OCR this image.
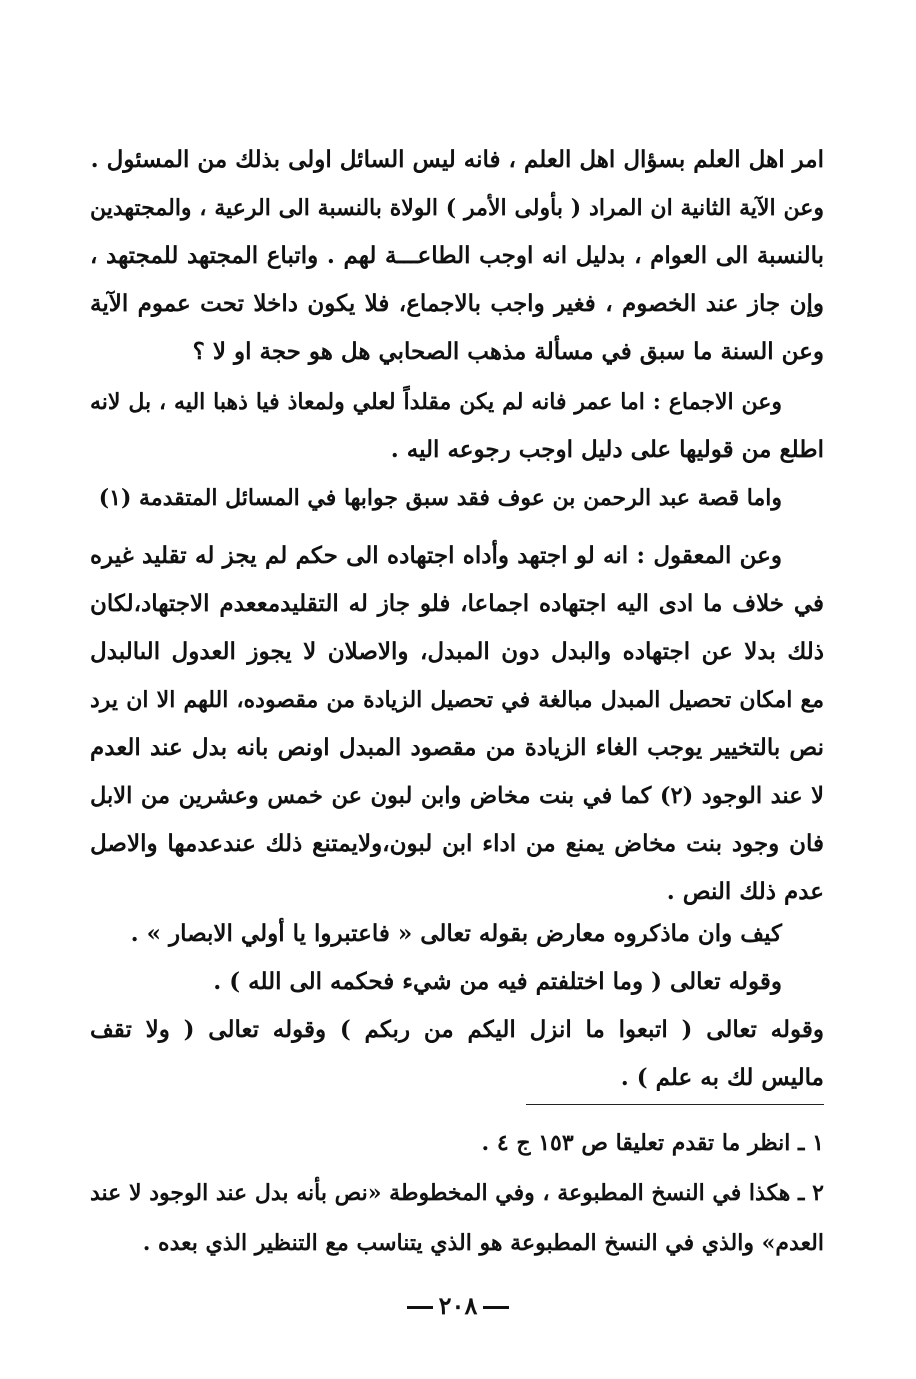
امر اهل العلم بسؤال اهل العلم ، فانه ليس السائل اولى بذلك من المسئول .
وعن الآية الثانية ان المراد ( بأولى الأمر ) الولاة بالنسبة الى الرعية ، والمجتهدين
بالنسبة الى العوام ، بدليل انه اوجب الطاعـــة لهم . واتباع المجتهد للمجتهد ،
وإن جاز عند الخصوم ، فغير واجب بالاجماع، فلا يكون داخلا تحت عموم الآية
وعن السنة ما سبق في مسألة مذهب الصحابي هل هو حجة او لا ؟
وعن الاجماع : اما عمر فانه لم يكن مقلداً لعلي ولمعاذ فيا ذهبا اليه ، بل لانه
اطلع من قوليها على دليل اوجب رجوعه اليه .
واما قصة عبد الرحمن بن عوف فقد سبق جوابها في المسائل المتقدمة (١)
وعن المعقول : انه لو اجتهد وأداه اجتهاده الى حكم لم يجز له تقليد غيره
في خلاف ما ادى اليه اجتهاده اجماعا، فلو جاز له التقليدمععدم الاجتهاد،لكان
ذلك بدلا عن اجتهاده والبدل دون المبدل، والاصلان لا يجوز العدول الىالبدل
مع امكان تحصيل المبدل مبالغة في تحصيل الزيادة من مقصوده، اللهم الا ان يرد
نص بالتخيير يوجب الغاء الزيادة من مقصود المبدل اونص بانه بدل عند العدم
لا عند الوجود (٢) كما في بنت مخاض وابن لبون عن خمس وعشرين من الابل
فان وجود بنت مخاض يمنع من اداء ابن لبون،ولايمتنع ذلك عندعدمها والاصل
عدم ذلك النص .
كيف وان ماذكروه معارض بقوله تعالى « فاعتبروا يا أولي الابصار » .
وقوله تعالى ( وما اختلفتم فيه من شيء فحكمه الى الله ) .
وقوله تعالى ( اتبعوا ما انزل اليكم من ربكم ) وقوله تعالى ( ولا تقف
ماليس لك به علم ) .
١ ـ انظر ما تقدم تعليقا ص ١٥٣ ج ٤ .
٢ ـ هكذا في النسخ المطبوعة ، وفي المخطوطة «نص بأنه بدل عند الوجود لا عند
العدم» والذي في النسخ المطبوعة هو الذي يتناسب مع التنظير الذي بعده .
٢٠٨
